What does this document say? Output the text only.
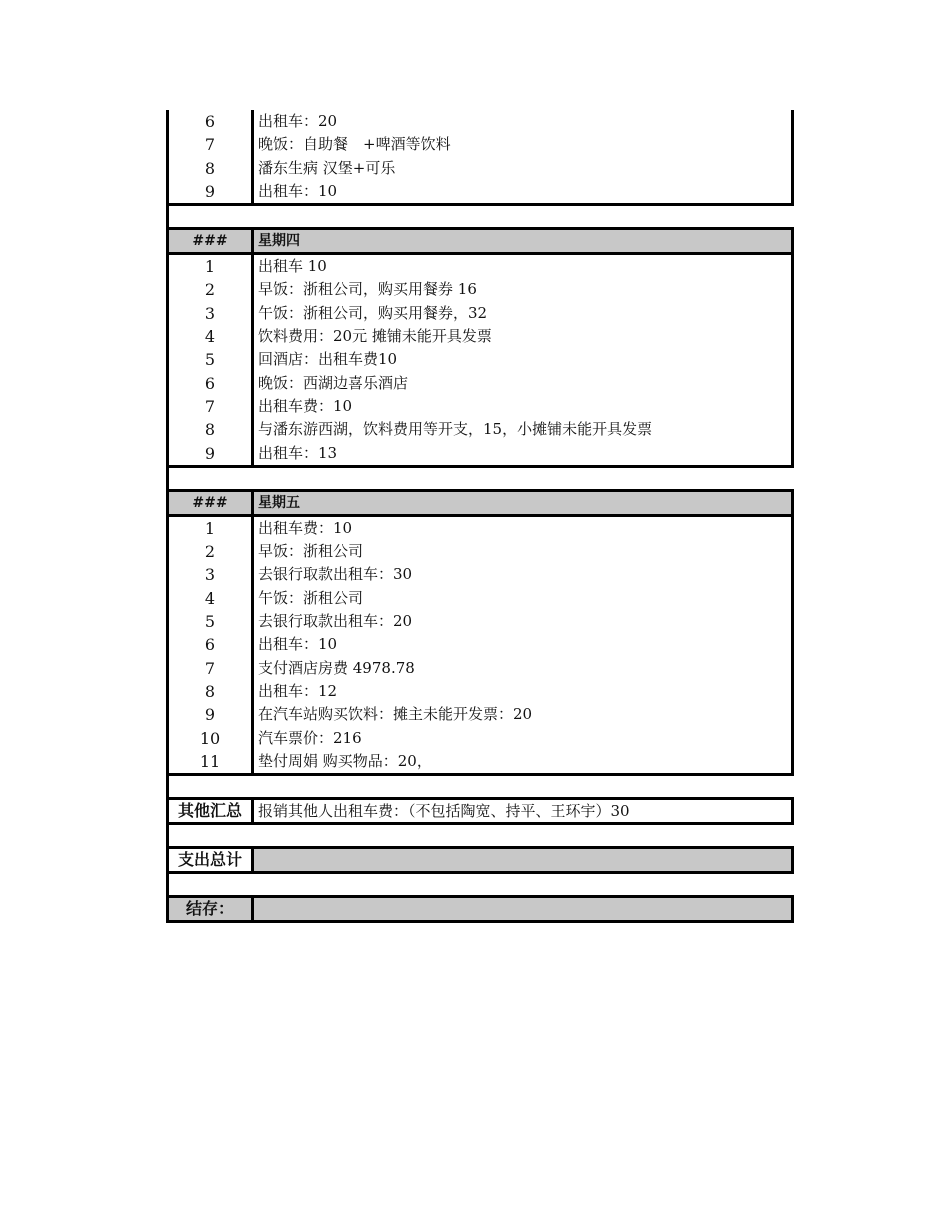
6	出租车：20
7	晚饭：自助餐　+啤酒等饮料
8	潘东生病 汉堡+可乐
9	出租车：10
###	星期四
1	出租车 10
2	早饭：浙租公司，购买用餐券 16
3	午饭：浙租公司，购买用餐券，32
4	饮料费用：20元 摊铺未能开具发票
5	回酒店：出租车费10
6	晚饭：西湖边喜乐酒店
7	出租车费：10
8	与潘东游西湖，饮料费用等开支，15，小摊铺未能开具发票
9	出租车：13
###	星期五
1	出租车费：10
2	早饭：浙租公司
3	去银行取款出租车：30
4	午饭：浙租公司
5	去银行取款出租车：20
6	出租车：10
7	支付酒店房费 4978.78
8	出租车：12
9	在汽车站购买饮料：摊主未能开发票：20
10	汽车票价：216
11	垫付周娟 购买物品：20，
其他汇总	报销其他人出租车费：（不包括陶宽、持平、王环宇）30
支出总计
结存：
